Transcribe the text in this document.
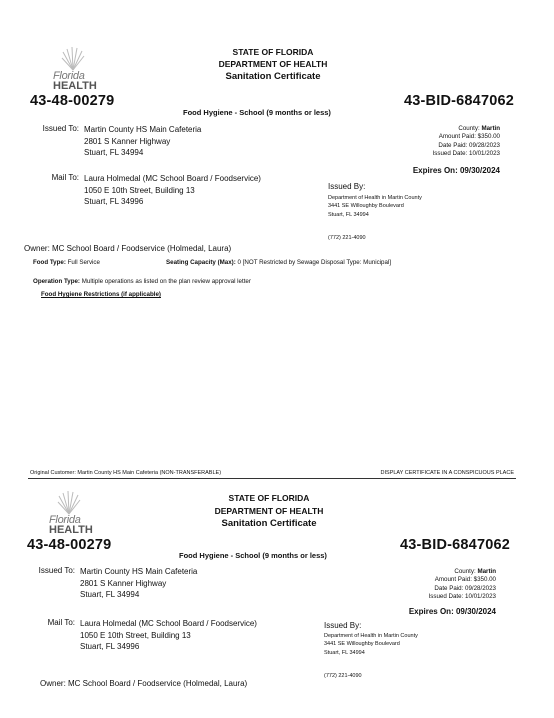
Florida
HEALTH
STATE OF FLORIDA
DEPARTMENT OF HEALTH
Sanitation Certificate
43-48-00279	43-BID-6847062
Food Hygiene - School (9 months or less)
Issued To: Martin County HS Main Cafeteria
2801 S Kanner Highway
Stuart, FL 34994
Mail To: Laura Holmedal (MC School Board / Foodservice)
1050 E 10th Street, Building 13
Stuart, FL 34996
County: Martin
Amount Paid: $350.00
Date Paid: 09/28/2023
Issued Date: 10/01/2023
Expires On: 09/30/2024
Issued By:
Department of Health in Martin County
3441 SE Willoughby Boulevard
Stuart, FL 34994
(772) 221-4090
Owner: MC School Board / Foodservice (Holmedal, Laura)
Food Type: Full Service	Seating Capacity (Max): 0 [NOT Restricted by Sewage Disposal Type: Municipal]
Operation Type: Multiple operations as listed on the plan review approval letter
Food Hygiene Restrictions (if applicable)
Original Customer: Martin County HS Main Cafeteria (NON-TRANSFERABLE)	DISPLAY CERTIFICATE IN A CONSPICUOUS PLACE
Florida
HEALTH
STATE OF FLORIDA
DEPARTMENT OF HEALTH
Sanitation Certificate
43-48-00279	43-BID-6847062
Food Hygiene - School (9 months or less)
Issued To: Martin County HS Main Cafeteria
2801 S Kanner Highway
Stuart, FL 34994
Mail To: Laura Holmedal (MC School Board / Foodservice)
1050 E 10th Street, Building 13
Stuart, FL 34996
County: Martin
Amount Paid: $350.00
Date Paid: 09/28/2023
Issued Date: 10/01/2023
Expires On: 09/30/2024
Issued By:
Department of Health in Martin County
3441 SE Willoughby Boulevard
Stuart, FL 34994
(772) 221-4090
Owner: MC School Board / Foodservice (Holmedal, Laura)
